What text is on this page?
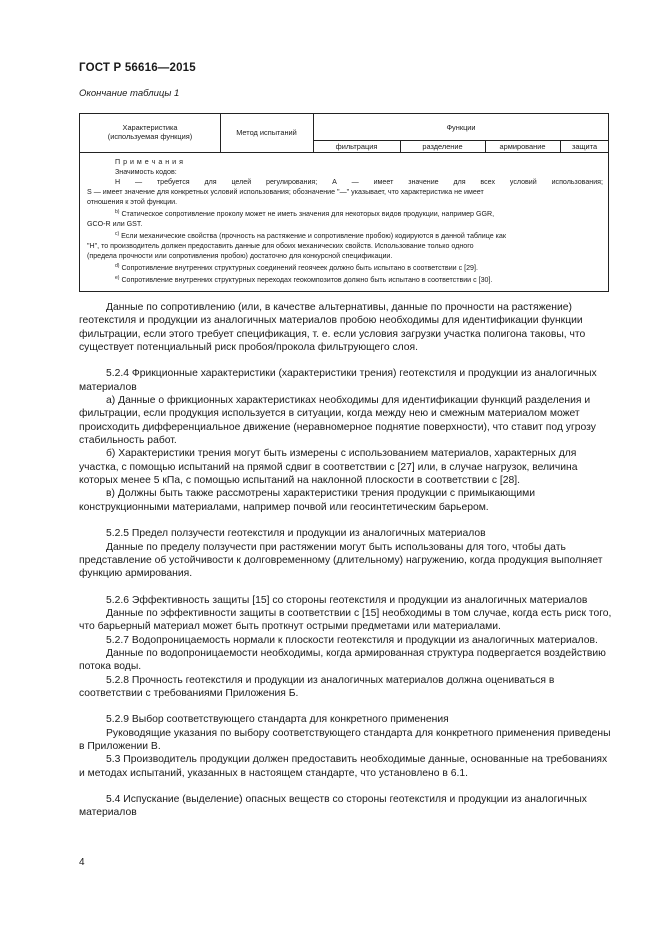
ГОСТ Р 56616—2015
Окончание таблицы 1
Характеристика
(используемая функция)	Метод испытаний
Функции
фильтрация	разделение	армирование	защита
П р и м е ч а н и я
Значимость кодов:
Н — требуется для целей регулирования; А — имеет значение для всех условий использования;
S — имеет значение для конкретных условий использования; обозначение "—" указывает, что характеристика не имеет
отношения к этой функции.
$^{b)}$ Статическое сопротивление проколу может не иметь значения для некоторых видов продукции, например GGR,
GCO-R или GST.
$^{c)}$ Если механические свойства (прочность на растяжение и сопротивление пробою) кодируются в данной таблице как
"Н", то производитель должен предоставить данные для обоих механических свойств. Использование только одного
(предела прочности или сопротивления пробою) достаточно для конкурсной спецификации.
$^{d)}$ Сопротивление внутренних структурных соединений геоячеек должно быть испытано в соответствии с [29].
$^{e)}$ Сопротивление внутренних структурных переходах геокомпозитов должно быть испытано в соответствии с [30].

Данные по сопротивлению (или, в качестве альтернативы, данные по прочности на растяжение) геотекстиля и продукции из аналогичных материалов пробою необходимы для идентификации функции фильтрации, если этого требует спецификация, т. е. если условия загрузки участка полигона таковы, что существует потенциальный риск пробоя/прокола фильтрующего слоя.

5.2.4 Фрикционные характеристики (характеристики трения) геотекстиля и продукции из аналогичных материалов

а) Данные о фрикционных характеристиках необходимы для идентификации функций разделения и фильтрации, если продукция используется в ситуации, когда между нею и смежным материалом может происходить дифференциальное движение (неравномерное поднятие поверхности), что ставит под угрозу стабильность работ.

б) Характеристики трения могут быть измерены с использованием материалов, характерных для участка, с помощью испытаний на прямой сдвиг в соответствии с [27] или, в случае нагрузок, величина которых менее 5 кПа, с помощью испытаний на наклонной плоскости в соответствии с [28].

в) Должны быть также рассмотрены характеристики трения продукции с примыкающими конструкционными материалами, например почвой или геосинтетическим барьером.

5.2.5 Предел ползучести геотекстиля и продукции из аналогичных материалов

Данные по пределу ползучести при растяжении могут быть использованы для того, чтобы дать представление об устойчивости к долговременному (длительному) нагружению, когда продукция выполняет функцию армирования.

5.2.6 Эффективность защиты [15] со стороны геотекстиля и продукции из аналогичных материалов

Данные по эффективности защиты в соответствии с [15] необходимы в том случае, когда есть риск того, что барьерный материал может быть проткнут острыми предметами или материалами.

5.2.7 Водопроницаемость нормали к плоскости геотекстиля и продукции из аналогичных материалов.

Данные по водопроницаемости необходимы, когда армированная структура подвергается воздействию потока воды.

5.2.8 Прочность геотекстиля и продукции из аналогичных материалов должна оцениваться в соответствии с требованиями Приложения Б.

5.2.9 Выбор соответствующего стандарта для конкретного применения

Руководящие указания по выбору соответствующего стандарта для конкретного применения приведены в Приложении В.

5.3 Производитель продукции должен предоставить необходимые данные, основанные на требованиях и методах испытаний, указанных в настоящем стандарте, что установлено в 6.1.

5.4 Испускание (выделение) опасных веществ со стороны геотекстиля и продукции из аналогичных материалов

4
